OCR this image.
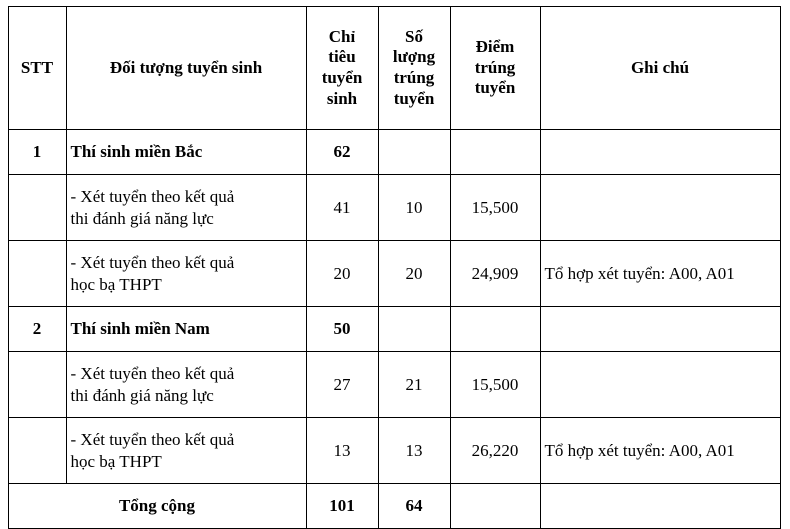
STT	Đối tượng tuyển sinh	Chỉ
tiêu
tuyển
sinh	Số
lượng
trúng
tuyển	Điểm
trúng
tuyển	Ghi chú

1	Thí sinh miền Bắc	62			

	- Xét tuyển theo kết quả
thi đánh giá năng lực	41	10	15,500	

	- Xét tuyển theo kết quả
học bạ THPT	20	20	24,909	Tổ hợp xét tuyển: A00, A01
2	Thí sinh miền Nam	50			

	- Xét tuyển theo kết quả
thi đánh giá năng lực	27	21	15,500	

	- Xét tuyển theo kết quả
học bạ THPT	13	13	26,220	Tổ hợp xét tuyển: A00, A01
Tổng cộng		101	64		
